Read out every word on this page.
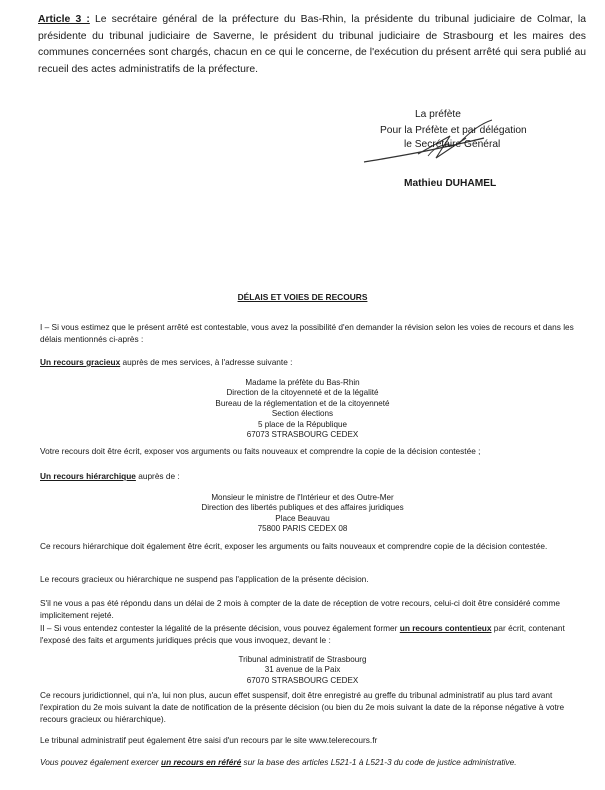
Article 3 : Le secrétaire général de la préfecture du Bas-Rhin, la présidente du tribunal judiciaire de Colmar, la présidente du tribunal judiciaire de Saverne, le président du tribunal judiciaire de Strasbourg et les maires des communes concernées sont chargés, chacun en ce qui le concerne, de l'exécution du présent arrêté qui sera publié au recueil des actes administratifs de la préfecture.
La préfète
Pour la Préfète et par délégation
le Secrétaire Général
Mathieu DUHAMEL
DÉLAIS ET VOIES DE RECOURS
I – Si vous estimez que le présent arrêté est contestable, vous avez la possibilité d'en demander la révision selon les voies de recours et dans les délais mentionnés ci-après :
Un recours gracieux auprès de mes services, à l'adresse suivante :
Madame la préfète du Bas-Rhin
Direction de la citoyenneté et de la légalité
Bureau de la réglementation et de la citoyenneté
Section élections
5 place de la République
67073 STRASBOURG CEDEX
Votre recours doit être écrit, exposer vos arguments ou faits nouveaux et comprendre la copie de la décision contestée ;
Un recours hiérarchique auprès de :
Monsieur le ministre de l'Intérieur et des Outre-Mer
Direction des libertés publiques et des affaires juridiques
Place Beauvau
75800 PARIS CEDEX 08
Ce recours hiérarchique doit également être écrit, exposer les arguments ou faits nouveaux et comprendre copie de la décision contestée.
Le recours gracieux ou hiérarchique ne suspend pas l'application de la présente décision.
S'il ne vous a pas été répondu dans un délai de 2 mois à compter de la date de réception de votre recours, celui-ci doit être considéré comme implicitement rejeté.
II – Si vous entendez contester la légalité de la présente décision, vous pouvez également former un recours contentieux par écrit, contenant l'exposé des faits et arguments juridiques précis que vous invoquez, devant le :
Tribunal administratif de Strasbourg
31 avenue de la Paix
67070 STRASBOURG CEDEX
Ce recours juridictionnel, qui n'a, lui non plus, aucun effet suspensif, doit être enregistré au greffe du tribunal administratif au plus tard avant l'expiration du 2e mois suivant la date de notification de la présente décision (ou bien du 2e mois suivant la date de la réponse négative à votre recours gracieux ou hiérarchique).
Le tribunal administratif peut également être saisi d'un recours par le site www.telerecours.fr
Vous pouvez également exercer un recours en référé sur la base des articles L521-1 à L521-3 du code de justice administrative.
